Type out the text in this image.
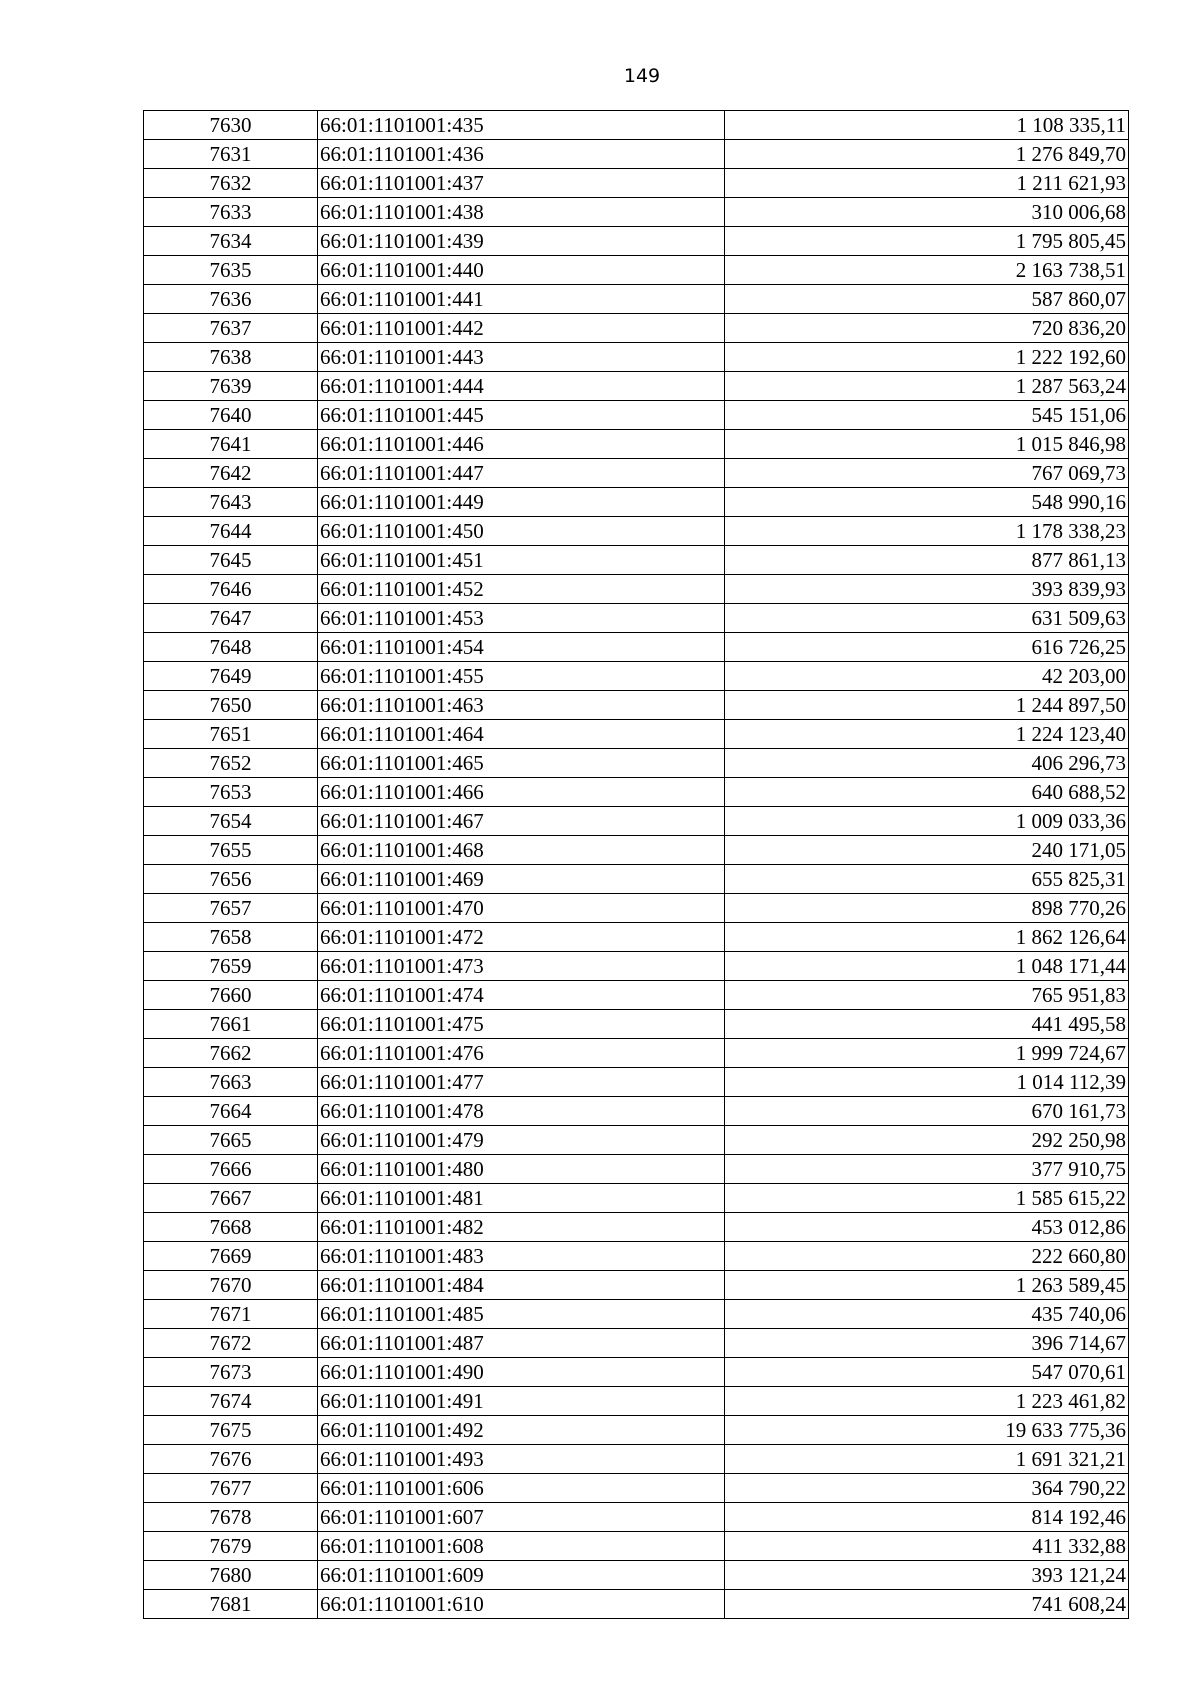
149
7630	66:01:1101001:435	1 108 335,11
7631	66:01:1101001:436	1 276 849,70
7632	66:01:1101001:437	1 211 621,93
7633	66:01:1101001:438	310 006,68
7634	66:01:1101001:439	1 795 805,45
7635	66:01:1101001:440	2 163 738,51
7636	66:01:1101001:441	587 860,07
7637	66:01:1101001:442	720 836,20
7638	66:01:1101001:443	1 222 192,60
7639	66:01:1101001:444	1 287 563,24
7640	66:01:1101001:445	545 151,06
7641	66:01:1101001:446	1 015 846,98
7642	66:01:1101001:447	767 069,73
7643	66:01:1101001:449	548 990,16
7644	66:01:1101001:450	1 178 338,23
7645	66:01:1101001:451	877 861,13
7646	66:01:1101001:452	393 839,93
7647	66:01:1101001:453	631 509,63
7648	66:01:1101001:454	616 726,25
7649	66:01:1101001:455	42 203,00
7650	66:01:1101001:463	1 244 897,50
7651	66:01:1101001:464	1 224 123,40
7652	66:01:1101001:465	406 296,73
7653	66:01:1101001:466	640 688,52
7654	66:01:1101001:467	1 009 033,36
7655	66:01:1101001:468	240 171,05
7656	66:01:1101001:469	655 825,31
7657	66:01:1101001:470	898 770,26
7658	66:01:1101001:472	1 862 126,64
7659	66:01:1101001:473	1 048 171,44
7660	66:01:1101001:474	765 951,83
7661	66:01:1101001:475	441 495,58
7662	66:01:1101001:476	1 999 724,67
7663	66:01:1101001:477	1 014 112,39
7664	66:01:1101001:478	670 161,73
7665	66:01:1101001:479	292 250,98
7666	66:01:1101001:480	377 910,75
7667	66:01:1101001:481	1 585 615,22
7668	66:01:1101001:482	453 012,86
7669	66:01:1101001:483	222 660,80
7670	66:01:1101001:484	1 263 589,45
7671	66:01:1101001:485	435 740,06
7672	66:01:1101001:487	396 714,67
7673	66:01:1101001:490	547 070,61
7674	66:01:1101001:491	1 223 461,82
7675	66:01:1101001:492	19 633 775,36
7676	66:01:1101001:493	1 691 321,21
7677	66:01:1101001:606	364 790,22
7678	66:01:1101001:607	814 192,46
7679	66:01:1101001:608	411 332,88
7680	66:01:1101001:609	393 121,24
7681	66:01:1101001:610	741 608,24
